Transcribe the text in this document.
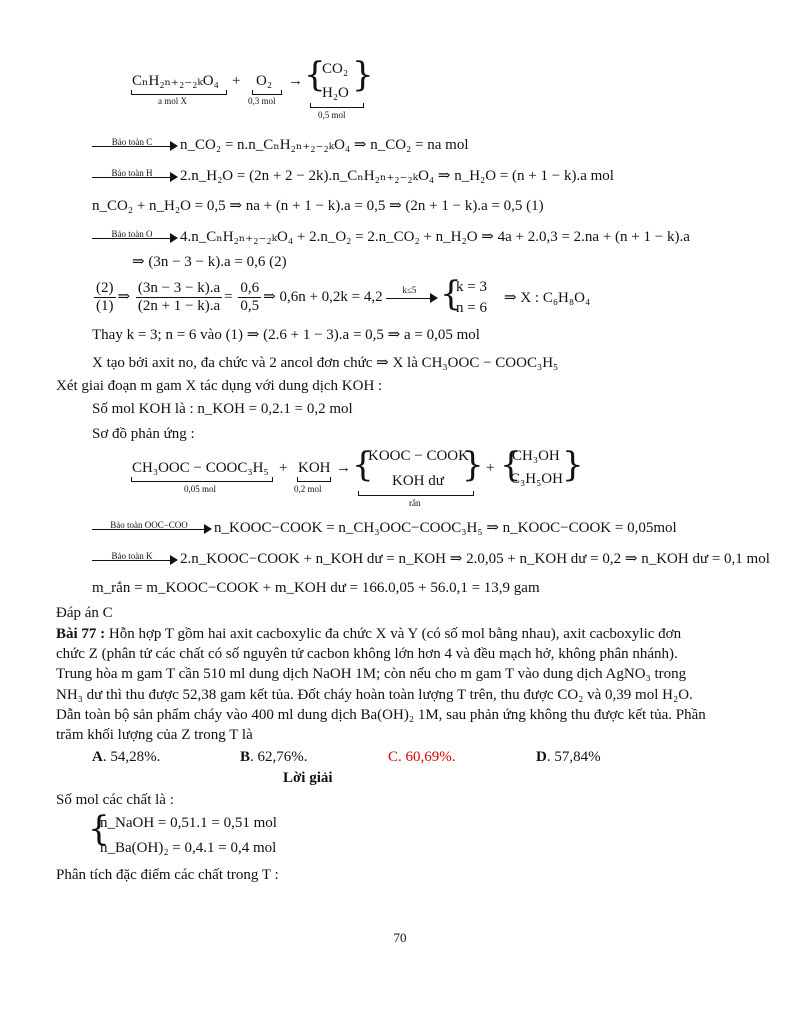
CₙH₂ₙ₊₂₋₂ₖO₄
a mol X
+ O₂
0,3 mol
→ {
CO₂
H₂O }
0,5 mol
Bảo toàn C	n_CO₂ = n.n_CₙH₂ₙ₊₂₋₂ₖO₄ ⇒ n_CO₂ = na mol
Bảo toàn H	2.n_H₂O = (2n + 2 − 2k).n_CₙH₂ₙ₊₂₋₂ₖO₄ ⇒ n_H₂O = (n + 1 − k).a mol
n_CO₂ + n_H₂O = 0,5 ⇒ na + (n + 1 − k).a = 0,5 ⇒ (2n + 1 − k).a = 0,5 (1)
Bảo toàn O	4.n_CₙH₂ₙ₊₂₋₂ₖO₄ + 2.n_O₂ = 2.n_CO₂ + n_H₂O ⇒ 4a + 2.0,3 = 2.na + (n + 1 − k).a
⇒ (3n − 3 − k).a = 0,6 (2)
$\frac{(2)}{(1)}$ ⇒ $\frac{(3n - 3 - k).a}{(2n + 1 - k).a} = \frac{0,6}{0,5}$ ⇒ 0,6n + 0,2k = 4,2	k≤5 {
k = 3
n = 6
⇒ X : C₆H₈O₄
Thay k = 3; n = 6 vào (1) ⇒ (2.6 + 1 − 3).a = 0,5 ⇒ a = 0,05 mol
X tạo bởi axit no, đa chức và 2 ancol đơn chức ⇒ X là CH₃OOC − COOC₃H₅
Xét giai đoạn m gam X tác dụng với dung dịch KOH :
Số mol KOH là : n_KOH = 0,2.1 = 0,2 mol
Sơ đồ phản ứng :
CH₃OOC − COOC₃H₅
0,05 mol
+ KOH
0,2 mol
→ {
KOOC − COOK
KOH dư }
rắn
+ {
CH₃OH
C₃H₅OH }
Bảo toàn OOC−COO	n_KOOC−COOK = n_CH₃OOC−COOC₃H₅ ⇒ n_KOOC−COOK = 0,05mol
Bảo toàn K	2.n_KOOC−COOK + n_KOH dư = n_KOH ⇒ 2.0,05 + n_KOH dư = 0,2 ⇒ n_KOH dư = 0,1 mol
m_rắn = m_KOOC−COOK + m_KOH dư = 166.0,05 + 56.0,1 = 13,9 gam
Đáp án C
Bài 77 : Hỗn hợp T gồm hai axit cacboxylic đa chức X và Y (có số mol bằng nhau), axit cacboxylic đơn
chức Z (phân tử các chất có số nguyên tử cacbon không lớn hơn 4 và đều mạch hở, không phân nhánh).
Trung hòa m gam T cần 510 ml dung dịch NaOH 1M; còn nếu cho m gam T vào dung dịch AgNO₃ trong
NH₃ dư thì thu được 52,38 gam kết tủa. Đốt cháy hoàn toàn lượng T trên, thu được CO₂ và 0,39 mol H₂O.
Dẫn toàn bộ sản phẩm cháy vào 400 ml dung dịch Ba(OH)₂ 1M, sau phản ứng không thu được kết tủa. Phần
trăm khối lượng của Z trong T là
A. 54,28%.	B. 62,76%.	C. 60,69%.	D. 57,84%
Lời giải
Số mol các chất là :
{
n_NaOH = 0,51.1 = 0,51 mol
n_Ba(OH)₂ = 0,4.1 = 0,4 mol
Phân tích đặc điểm các chất trong T :
70
